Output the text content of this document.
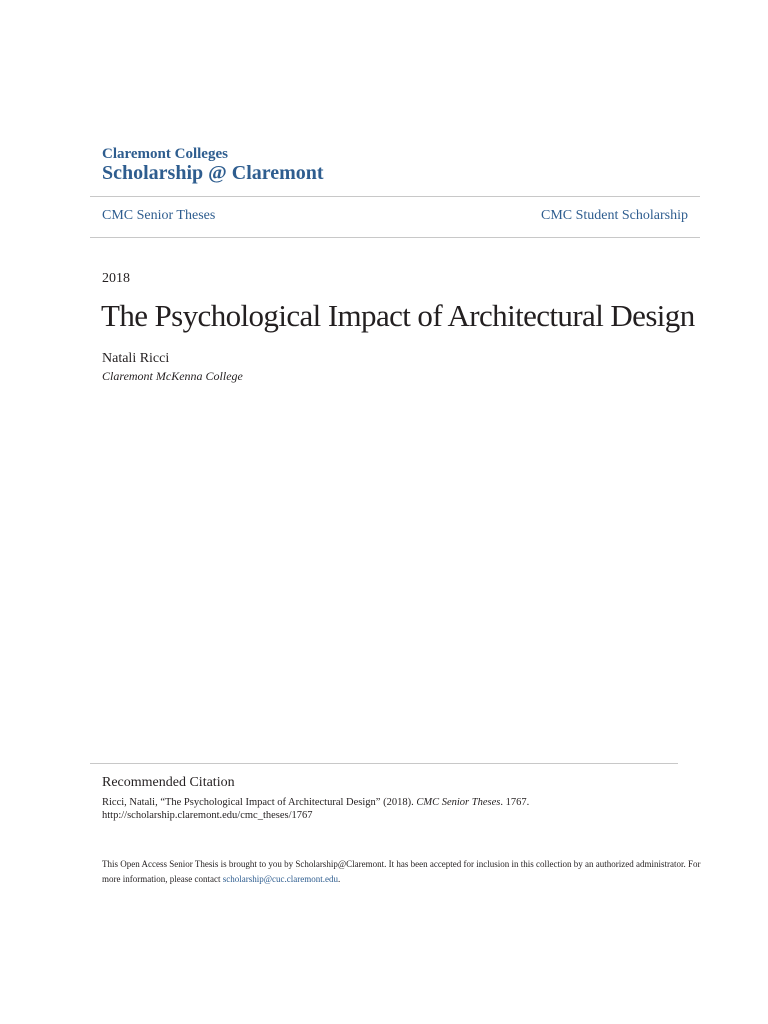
Claremont Colleges
Scholarship @ Claremont
CMC Senior Theses	CMC Student Scholarship
2018
The Psychological Impact of Architectural Design
Natali Ricci
Claremont McKenna College
Recommended Citation
Ricci, Natali, “The Psychological Impact of Architectural Design” (2018). CMC Senior Theses. 1767.
http://scholarship.claremont.edu/cmc_theses/1767
This Open Access Senior Thesis is brought to you by Scholarship@Claremont. It has been accepted for inclusion in this collection by an authorized administrator. For more information, please contact scholarship@cuc.claremont.edu.
